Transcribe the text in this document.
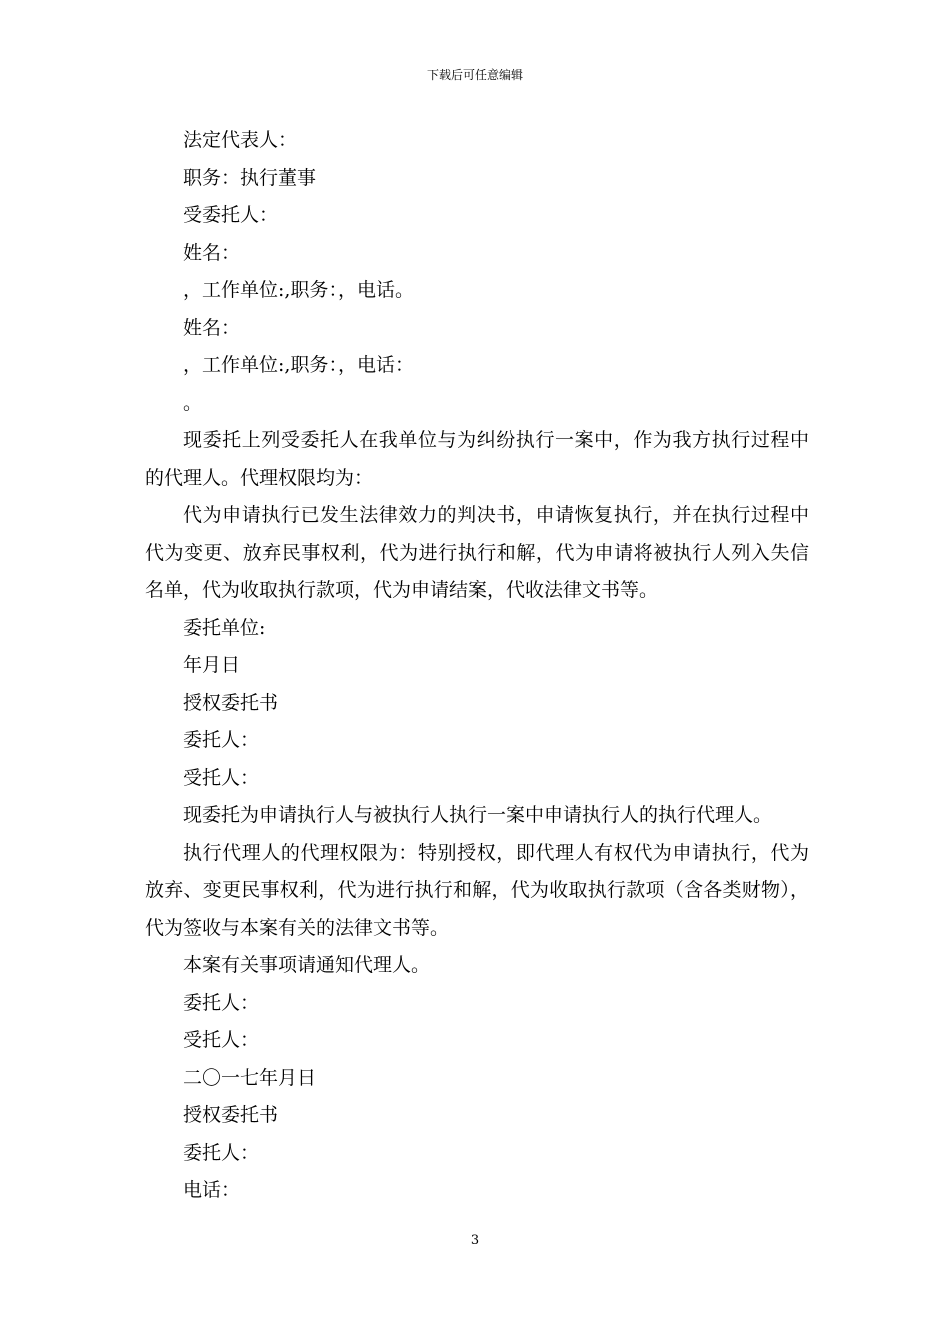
下载后可任意编辑
法定代表人：
职务：执行董事
受委托人：
姓名：
，工作单位:,职务：，电话。
姓名：
，工作单位:,职务：，电话：
。
现委托上列受委托人在我单位与为纠纷执行一案中，作为我方执行过程中
的代理人。代理权限均为：
代为申请执行已发生法律效力的判决书，申请恢复执行，并在执行过程中
代为变更、放弃民事权利，代为进行执行和解，代为申请将被执行人列入失信
名单，代为收取执行款项，代为申请结案，代收法律文书等。
委托单位:
年月日
授权委托书
委托人：
受托人：
现委托为申请执行人与被执行人执行一案中申请执行人的执行代理人。
执行代理人的代理权限为：特别授权，即代理人有权代为申请执行，代为
放弃、变更民事权利，代为进行执行和解，代为收取执行款项（含各类财物），
代为签收与本案有关的法律文书等。
本案有关事项请通知代理人。
委托人：
受托人：
二〇一七年月日
授权委托书
委托人：
电话：
3
